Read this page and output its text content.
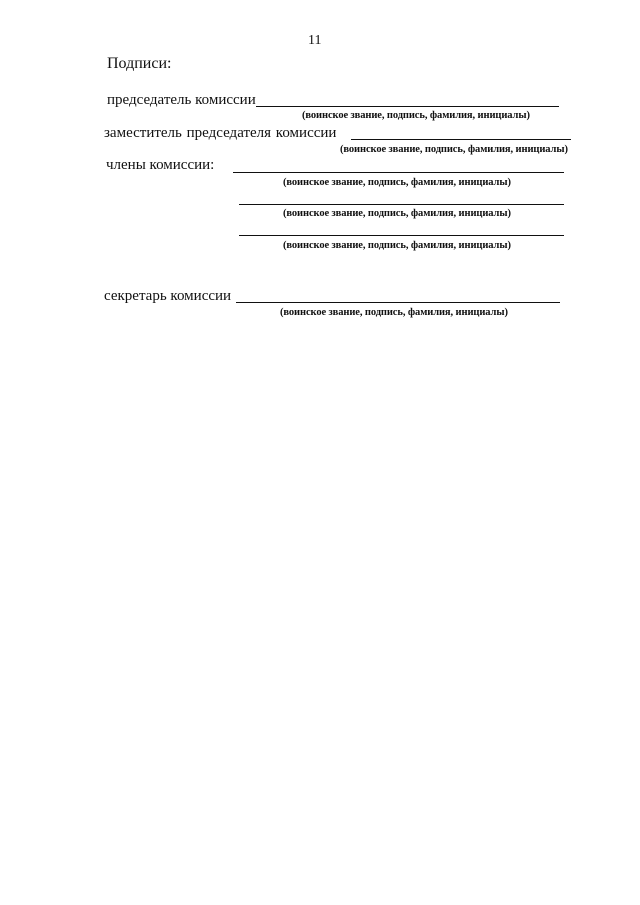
11
Подписи:
председатель комиссии
(воинское звание, подпись, фамилия, инициалы)
заместитель председателя комиссии
(воинское звание, подпись, фамилия, инициалы)
члены комиссии:
(воинское звание, подпись, фамилия, инициалы)
(воинское звание, подпись, фамилия, инициалы)
(воинское звание, подпись, фамилия, инициалы)
секретарь комиссии
(воинское звание, подпись, фамилия, инициалы)
